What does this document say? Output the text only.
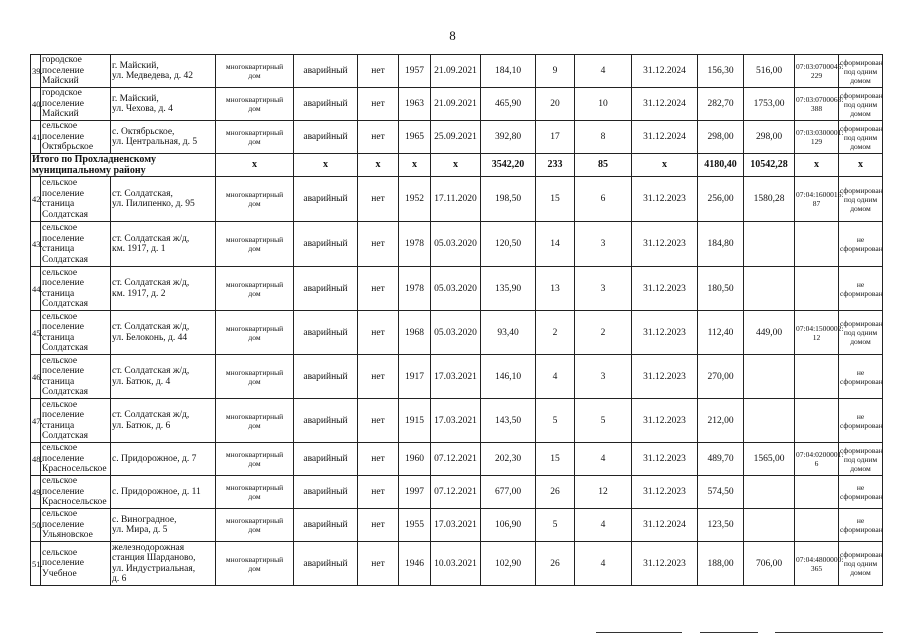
8
39.	городское
поселение
Майский	г. Майский,
ул. Медведева, д. 42	многоквартирный
дом	аварийный	нет	1957	21.09.2021	184,10	9	4	31.12.2024	156,30	516,00	07:03:0700045:
229	сформирован
под одним
домом
40.	городское
поселение
Майский	г. Майский,
ул. Чехова, д. 4	многоквартирный
дом	аварийный	нет	1963	21.09.2021	465,90	20	10	31.12.2024	282,70	1753,00	07:03:0700068:
388	сформирован
под одним
домом
41.	сельское
поселение
Октябрьское	с. Октябрьское,
ул. Центральная, д. 5	многоквартирный
дом	аварийный	нет	1965	25.09.2021	392,80	17	8	31.12.2024	298,00	298,00	07:03:0300001:
129	сформирован
под одним
домом
Итого по Прохладненскому
муниципальному району			x	x	x	x	x	3542,20	233	85	x	4180,40	10542,28	x	x
42.	сельское
поселение
станица
Солдатская	ст. Солдатская,
ул. Пилипенко, д. 95	многоквартирный
дом	аварийный	нет	1952	17.11.2020	198,50	15	6	31.12.2023	256,00	1580,28	07:04:1600016:
87	сформирован
под одним
домом
43.	сельское
поселение
станица
Солдатская	ст. Солдатская ж/д,
км. 1917, д. 1	многоквартирный
дом	аварийный	нет	1978	05.03.2020	120,50	14	3	31.12.2023	184,80			не
сформирован
44.	сельское
поселение
станица
Солдатская	ст. Солдатская ж/д,
км. 1917, д. 2	многоквартирный
дом	аварийный	нет	1978	05.03.2020	135,90	13	3	31.12.2023	180,50			не
сформирован
45.	сельское
поселение
станица
Солдатская	ст. Солдатская ж/д,
ул. Белоконь, д. 44	многоквартирный
дом	аварийный	нет	1968	05.03.2020	93,40	2	2	31.12.2023	112,40	449,00	07:04:1500002:
12	сформирован
под одним
домом
46.	сельское
поселение
станица
Солдатская	ст. Солдатская ж/д,
ул. Батюк, д. 4	многоквартирный
дом	аварийный	нет	1917	17.03.2021	146,10	4	3	31.12.2023	270,00			не
сформирован
47.	сельское
поселение
станица
Солдатская	ст. Солдатская ж/д,
ул. Батюк, д. 6	многоквартирный
дом	аварийный	нет	1915	17.03.2021	143,50	5	5	31.12.2023	212,00			не
сформирован
48.	сельское
поселение
Красносельское	с. Придорожное, д. 7	многоквартирный
дом	аварийный	нет	1960	07.12.2021	202,30	15	4	31.12.2023	489,70	1565,00	07:04:0200001:
6	сформирован
под одним
домом
49.	сельское
поселение
Красносельское	с. Придорожное, д. 11	многоквартирный
дом	аварийный	нет	1997	07.12.2021	677,00	26	12	31.12.2023	574,50			не
сформирован
50.	сельское
поселение
Ульяновское	с. Виноградное,
ул. Мира, д. 5	многоквартирный
дом	аварийный	нет	1955	17.03.2021	106,90	5	4	31.12.2024	123,50			не
сформирован
51.	сельское
поселение
Учебное	железнодорожная
станция Шарданово,
ул. Индустриальная,
д. 6	многоквартирный
дом	аварийный	нет	1946	10.03.2021	102,90	26	4	31.12.2023	188,00	706,00	07:04:4800000:
365	сформирован
под одним
домом
